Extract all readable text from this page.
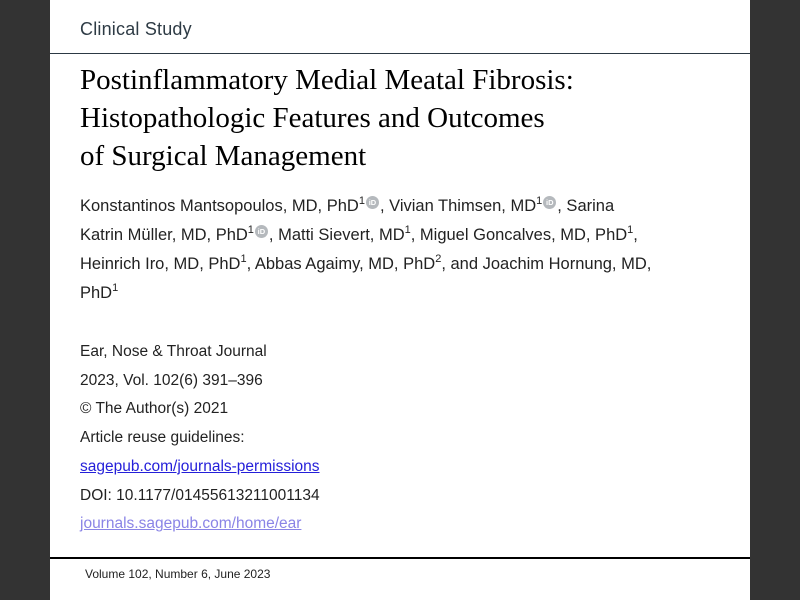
Clinical Study
Postinflammatory Medial Meatal Fibrosis:
Histopathologic Features and Outcomes
of Surgical Management
Konstantinos Mantsopoulos, MD, PhD$^1$ iD , Vivian Thimsen, MD$^1$ iD , Sarina
Katrin Müller, MD, PhD$^1$ iD , Matti Sievert, MD$^1$, Miguel Goncalves, MD, PhD$^1$,
Heinrich Iro, MD, PhD$^1$, Abbas Agaimy, MD, PhD$^2$, and Joachim Hornung, MD,
PhD$^1$
Ear, Nose & Throat Journal
2023, Vol. 102(6) 391–396
© The Author(s) 2021
Article reuse guidelines:
sagepub.com/journals-permissions
DOI: 10.1177/01455613211001134
journals.sagepub.com/home/ear
Volume 102, Number 6, June 2023
